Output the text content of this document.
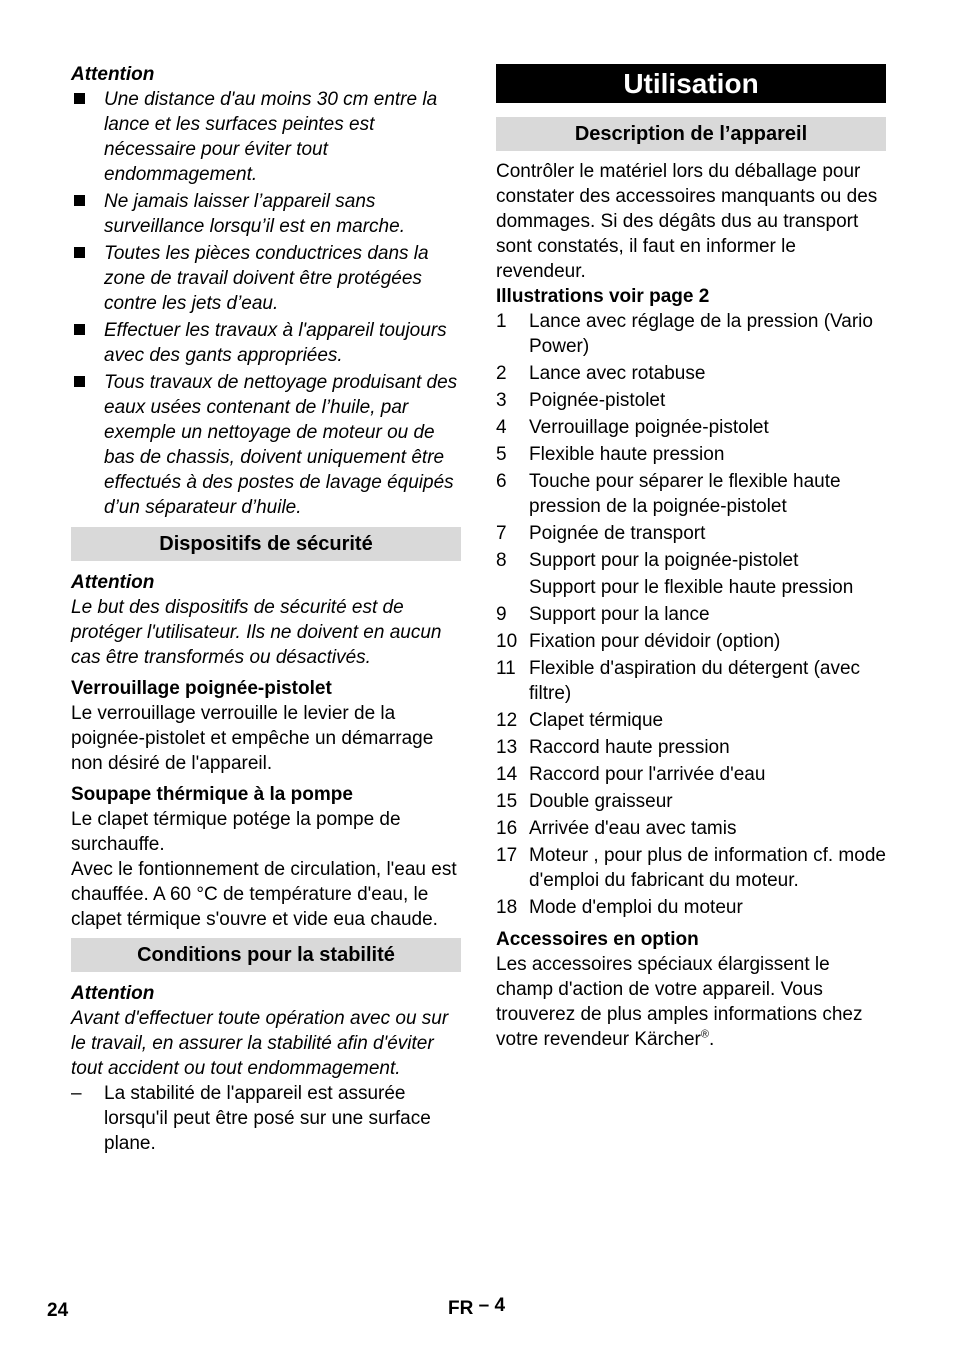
Attention

Une distance d'au moins 30 cm entre la lance et les surfaces peintes est nécessaire pour éviter tout endommagement.
Ne jamais laisser l’appareil sans surveillance lorsqu’il est en marche.
Toutes les pièces conductrices dans la zone de travail doivent être protégées contre les jets d’eau.
Effectuer les travaux à l'appareil toujours avec des gants appropriées.
Tous travaux de nettoyage produisant des eaux usées contenant de l’huile, par exemple un nettoyage de moteur ou de bas de chassis, doivent uniquement être effectués à des postes de lavage équipés d’un séparateur d’huile.
Dispositifs de sécurité

Attention

Le but des dispositifs de sécurité est de protéger l'utilisateur. Ils ne doivent en aucun cas être transformés ou désactivés.

Verrouillage poignée-pistolet

Le verrouillage verrouille le levier de la poignée-pistolet et empêche un démarrage non désiré de l'appareil.

Soupape thérmique à la pompe

Le clapet térmique potége la pompe de surchauffe.

Avec le fontionnement de circulation, l'eau est chauffée. A 60 °C de température d'eau, le clapet térmique s'ouvre et vide eua chaude.

Conditions pour la stabilité

Attention

Avant d'effectuer toute opération avec ou sur le travail, en assurer la stabilité afin d'éviter tout accident ou tout endommagement.

– La stabilité de l'appareil est assurée lorsqu'il peut être posé sur une surface plane.
Utilisation
Description de l’appareil

Contrôler le matériel lors du déballage pour constater des accessoires manquants ou des dommages. Si des dégâts dus au transport sont constatés, il faut en informer le revendeur.

Illustrations voir page 2

1 Lance avec réglage de la pression (Vario Power)
2 Lance avec rotabuse
3 Poignée-pistolet
4 Verrouillage poignée-pistolet
5 Flexible haute pression
6 Touche pour séparer le flexible haute pression de la poignée-pistolet
7 Poignée de transport
8 Support pour la poignée-pistolet
Support pour le flexible haute pression
9 Support pour la lance
10 Fixation pour dévidoir (option)
11 Flexible d'aspiration du détergent (avec filtre)
12 Clapet térmique
13 Raccord haute pression
14 Raccord pour l'arrivée d'eau
15 Double graisseur
16 Arrivée d'eau avec tamis
17 Moteur , pour plus de information cf. mode d'emploi du fabricant du moteur.
18 Mode d'emploi du moteur

Accessoires en option

Les accessoires spéciaux élargissent le champ d'action de votre appareil. Vous trouverez de plus amples informations chez votre revendeur Kärcher®.

24	FR – 4
